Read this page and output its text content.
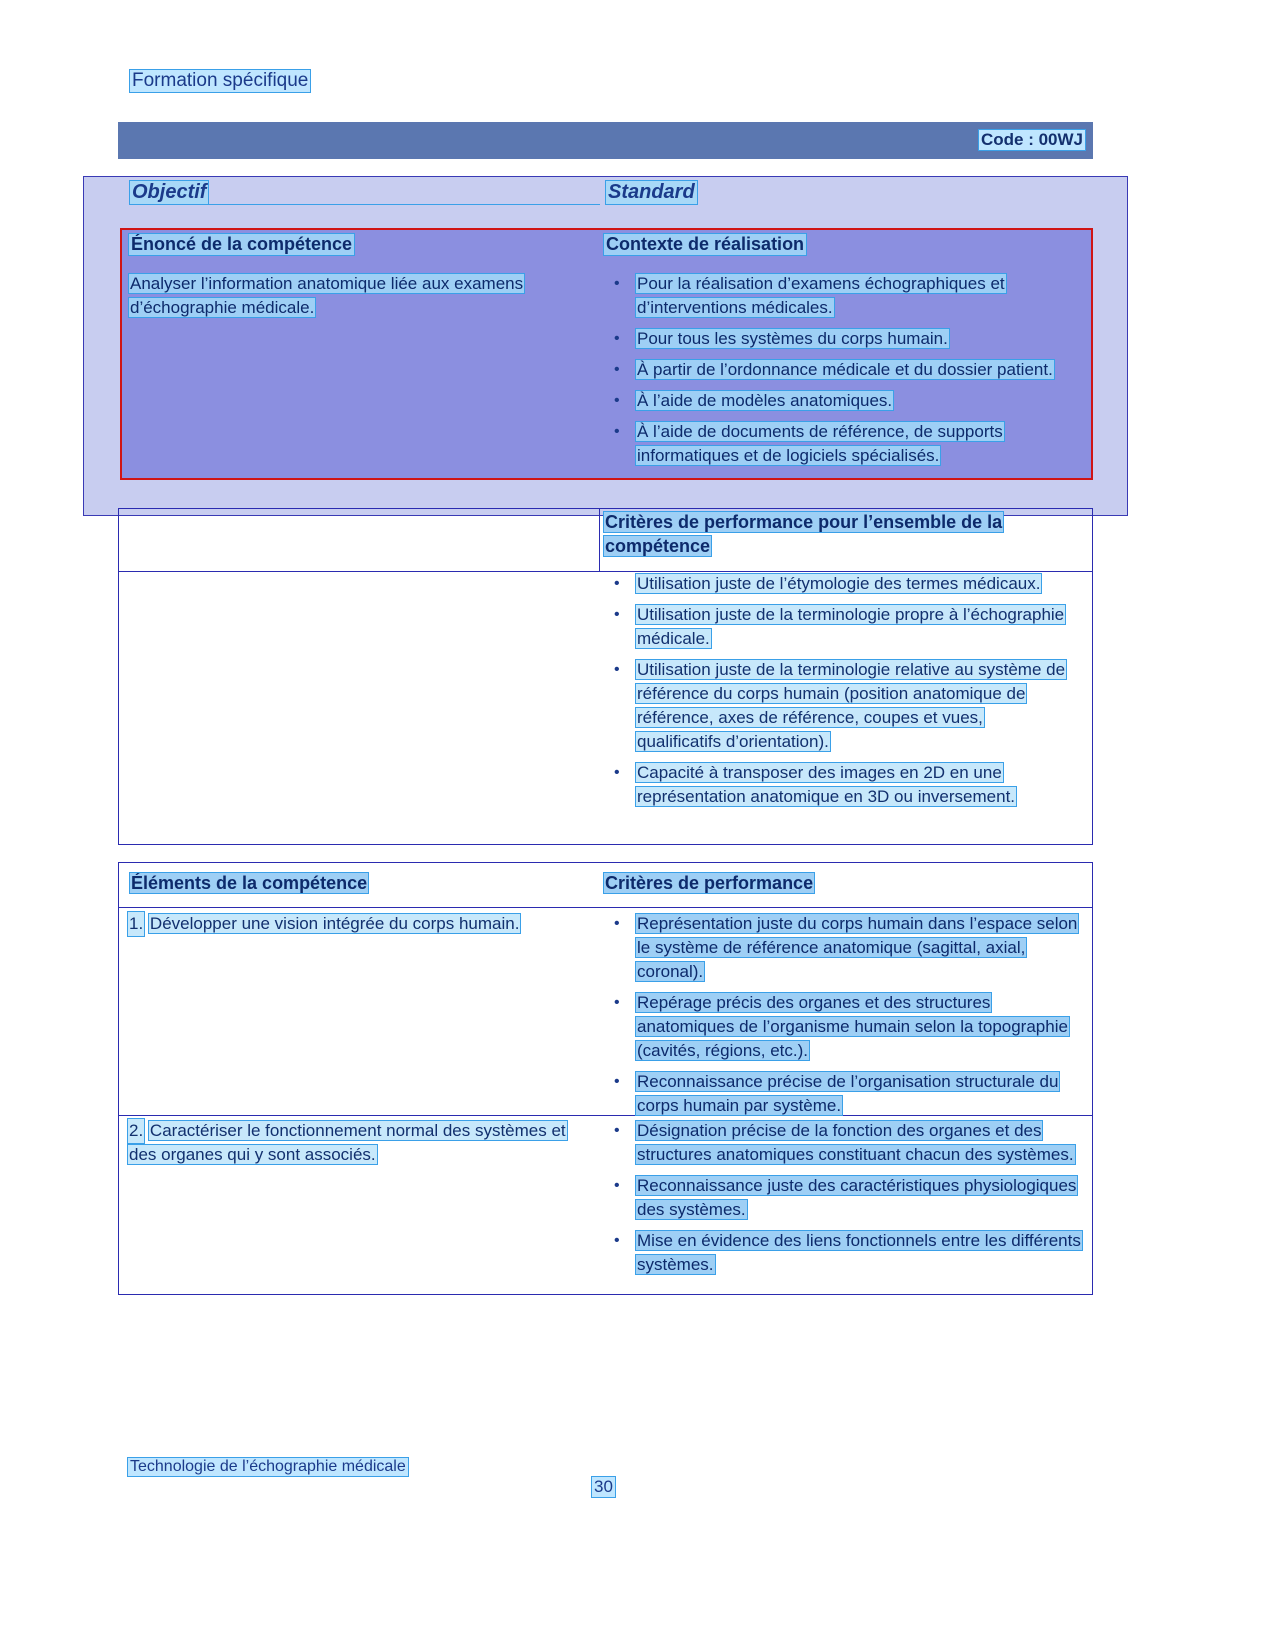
Formation spécifique
Code : 00WJ
Objectif	Standard
Énoncé de la compétence	Contexte de réalisation
Analyser l’information anatomique liée aux examens d’échographie médicale.
• Pour la réalisation d’examens échographiques et d’interventions médicales.
• Pour tous les systèmes du corps humain.
• À partir de l’ordonnance médicale et du dossier patient.
• À l’aide de modèles anatomiques.
• À l’aide de documents de référence, de supports informatiques et de logiciels spécialisés.
Critères de performance pour l’ensemble de la compétence
• Utilisation juste de l’étymologie des termes médicaux.
• Utilisation juste de la terminologie propre à l’échographie médicale.
• Utilisation juste de la terminologie relative au système de référence du corps humain (position anatomique de référence, axes de référence, coupes et vues, qualificatifs d’orientation).
• Capacité à transposer des images en 2D en une représentation anatomique en 3D ou inversement.
Éléments de la compétence	Critères de performance
1. Développer une vision intégrée du corps humain.	• Représentation juste du corps humain dans l’espace selon le système de référence anatomique (sagittal, axial, coronal).
• Repérage précis des organes et des structures anatomiques de l’organisme humain selon la topographie (cavités, régions, etc.).
• Reconnaissance précise de l’organisation structurale du corps humain par système.
2. Caractériser le fonctionnement normal des systèmes et des organes qui y sont associés.
• Désignation précise de la fonction des organes et des structures anatomiques constituant chacun des systèmes.
• Reconnaissance juste des caractéristiques physiologiques des systèmes.
• Mise en évidence des liens fonctionnels entre les différents systèmes.
Technologie de l’échographie médicale
30
